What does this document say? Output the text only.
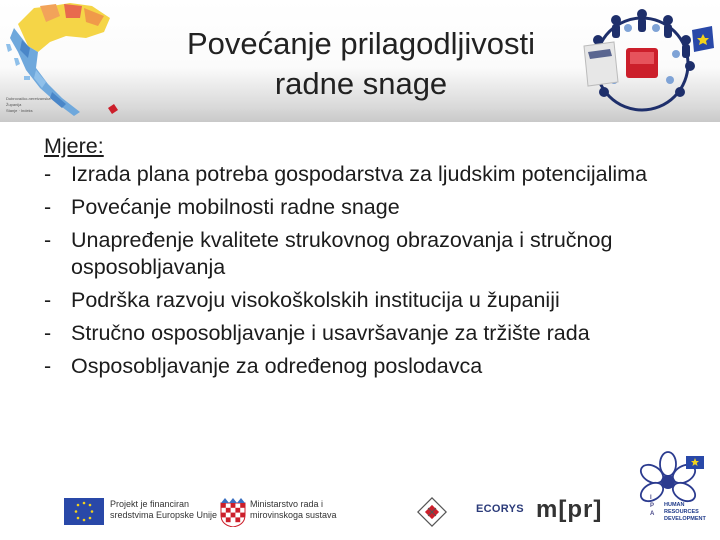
Dubrovačko-neretvanska
Županija
Stanje · Indeks
Povećanje prilagodljivosti
radne snage
Mjere:
- Izrada plana potreba gospodarstva za ljudskim potencijalima
- Povećanje mobilnosti radne snage
- Unapređenje kvalitete strukovnog obrazovanja i stručnog osposobljavanja
- Podrška razvoju visokoškolskih institucija u županiji
- Stručno osposobljavanje i usavršavanje za tržište rada
- Osposobljavanje za određenog poslodavca
Projekt je financiran
sredstvima Europske Unije
Ministarstvo rada i
mirovinskoga sustava	ECORYS m[pr]	I
P
A
HUMAN
RESOURCES
DEVELOPMENT
